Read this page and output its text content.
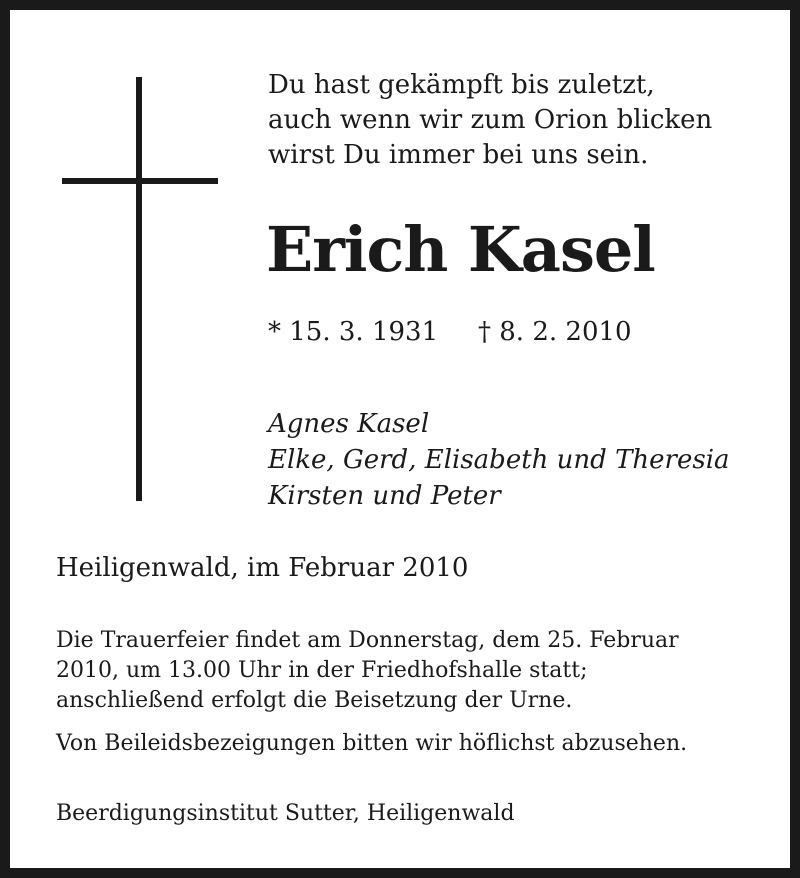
Du hast gekämpft bis zuletzt,
auch wenn wir zum Orion blicken
wirst Du immer bei uns sein.
Erich Kasel
* 15. 3. 1931 † 8. 2. 2010
Agnes Kasel
Elke, Gerd, Elisabeth und Theresia
Kirsten und Peter
Heiligenwald, im Februar 2010
Die Trauerfeier findet am Donnerstag, dem 25. Februar
2010, um 13.00 Uhr in der Friedhofshalle statt;
anschließend erfolgt die Beisetzung der Urne.
Von Beileidsbezeigungen bitten wir höflichst abzusehen.
Beerdigungsinstitut Sutter, Heiligenwald
